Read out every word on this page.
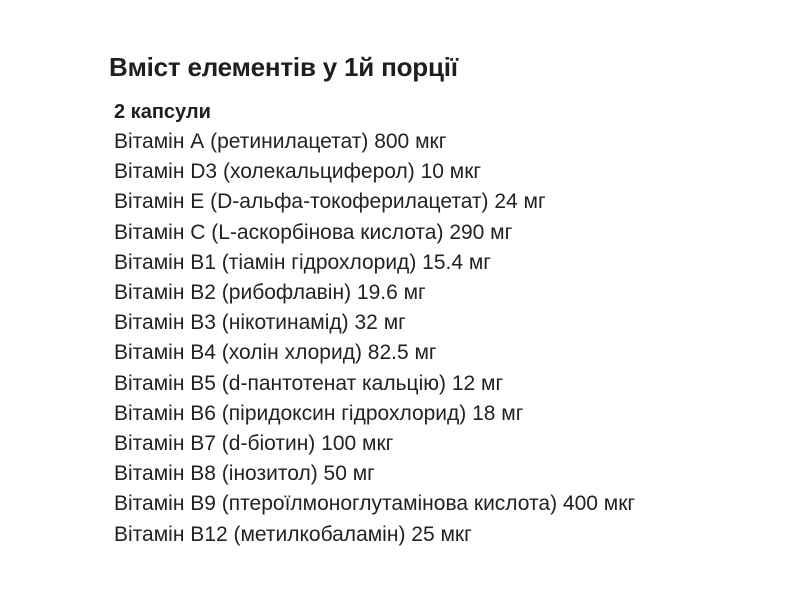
Вміст елементів у 1й порції
2 капсули
Вітамін А (ретинилацетат) 800 мкг
Вітамін D3 (холекальциферол) 10 мкг
Вітамін Е (D-альфа-токоферилацетат) 24 мг
Вітамін С (L-аскорбінова кислота) 290 мг
Вітамін В1 (тіамін гідрохлорид) 15.4 мг
Вітамін В2 (рибофлавін) 19.6 мг
Вітамін В3 (нікотинамід) 32 мг
Вітамін В4 (холін хлорид) 82.5 мг
Вітамін В5 (d-пантотенат кальцію) 12 мг
Вітамін В6 (піридоксин гідрохлорид) 18 мг
Вітамін В7 (d-біотин) 100 мкг
Вітамін В8 (інозитол) 50 мг
Вітамін В9 (птероїлмоноглутамінова кислота) 400 мкг
Вітамін В12 (метилкобаламін) 25 мкг
